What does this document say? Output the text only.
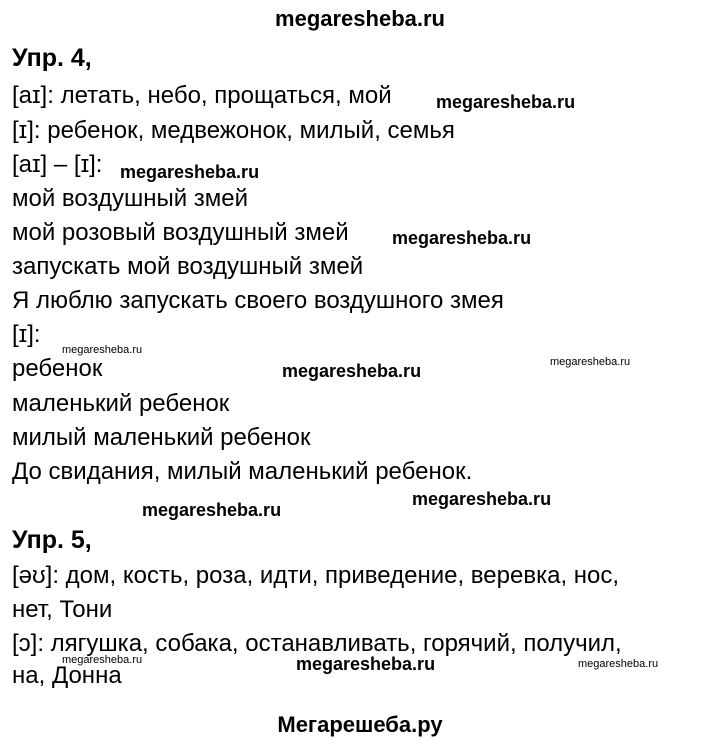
megaresheba.ru
Упр. 4,
[aɪ]: летать, небо, прощаться, мой
[ɪ]: ребенок, медвежонок, милый, семья
[aɪ] – [ɪ]:
мой воздушный змей
мой розовый воздушный змей
запускать мой воздушный змей
Я люблю запускать своего воздушного змея
[ɪ]:
ребенок
маленький ребенок
милый маленький ребенок
До свидания, милый маленький ребенок.
Упр. 5,
[əʊ]: дом, кость, роза, идти, приведение, веревка, нос,
нет, Тони
[ɔ]: лягушка, собака, останавливать, горячий, получил,
на, Донна
megaresheba.ru
megaresheba.ru
megaresheba.ru
megaresheba.ru
megaresheba.ru	megaresheba.ru
megaresheba.ru
megaresheba.ru
megaresheba.ru	megaresheba.ru	megaresheba.ru
Мегарешеба.ру
